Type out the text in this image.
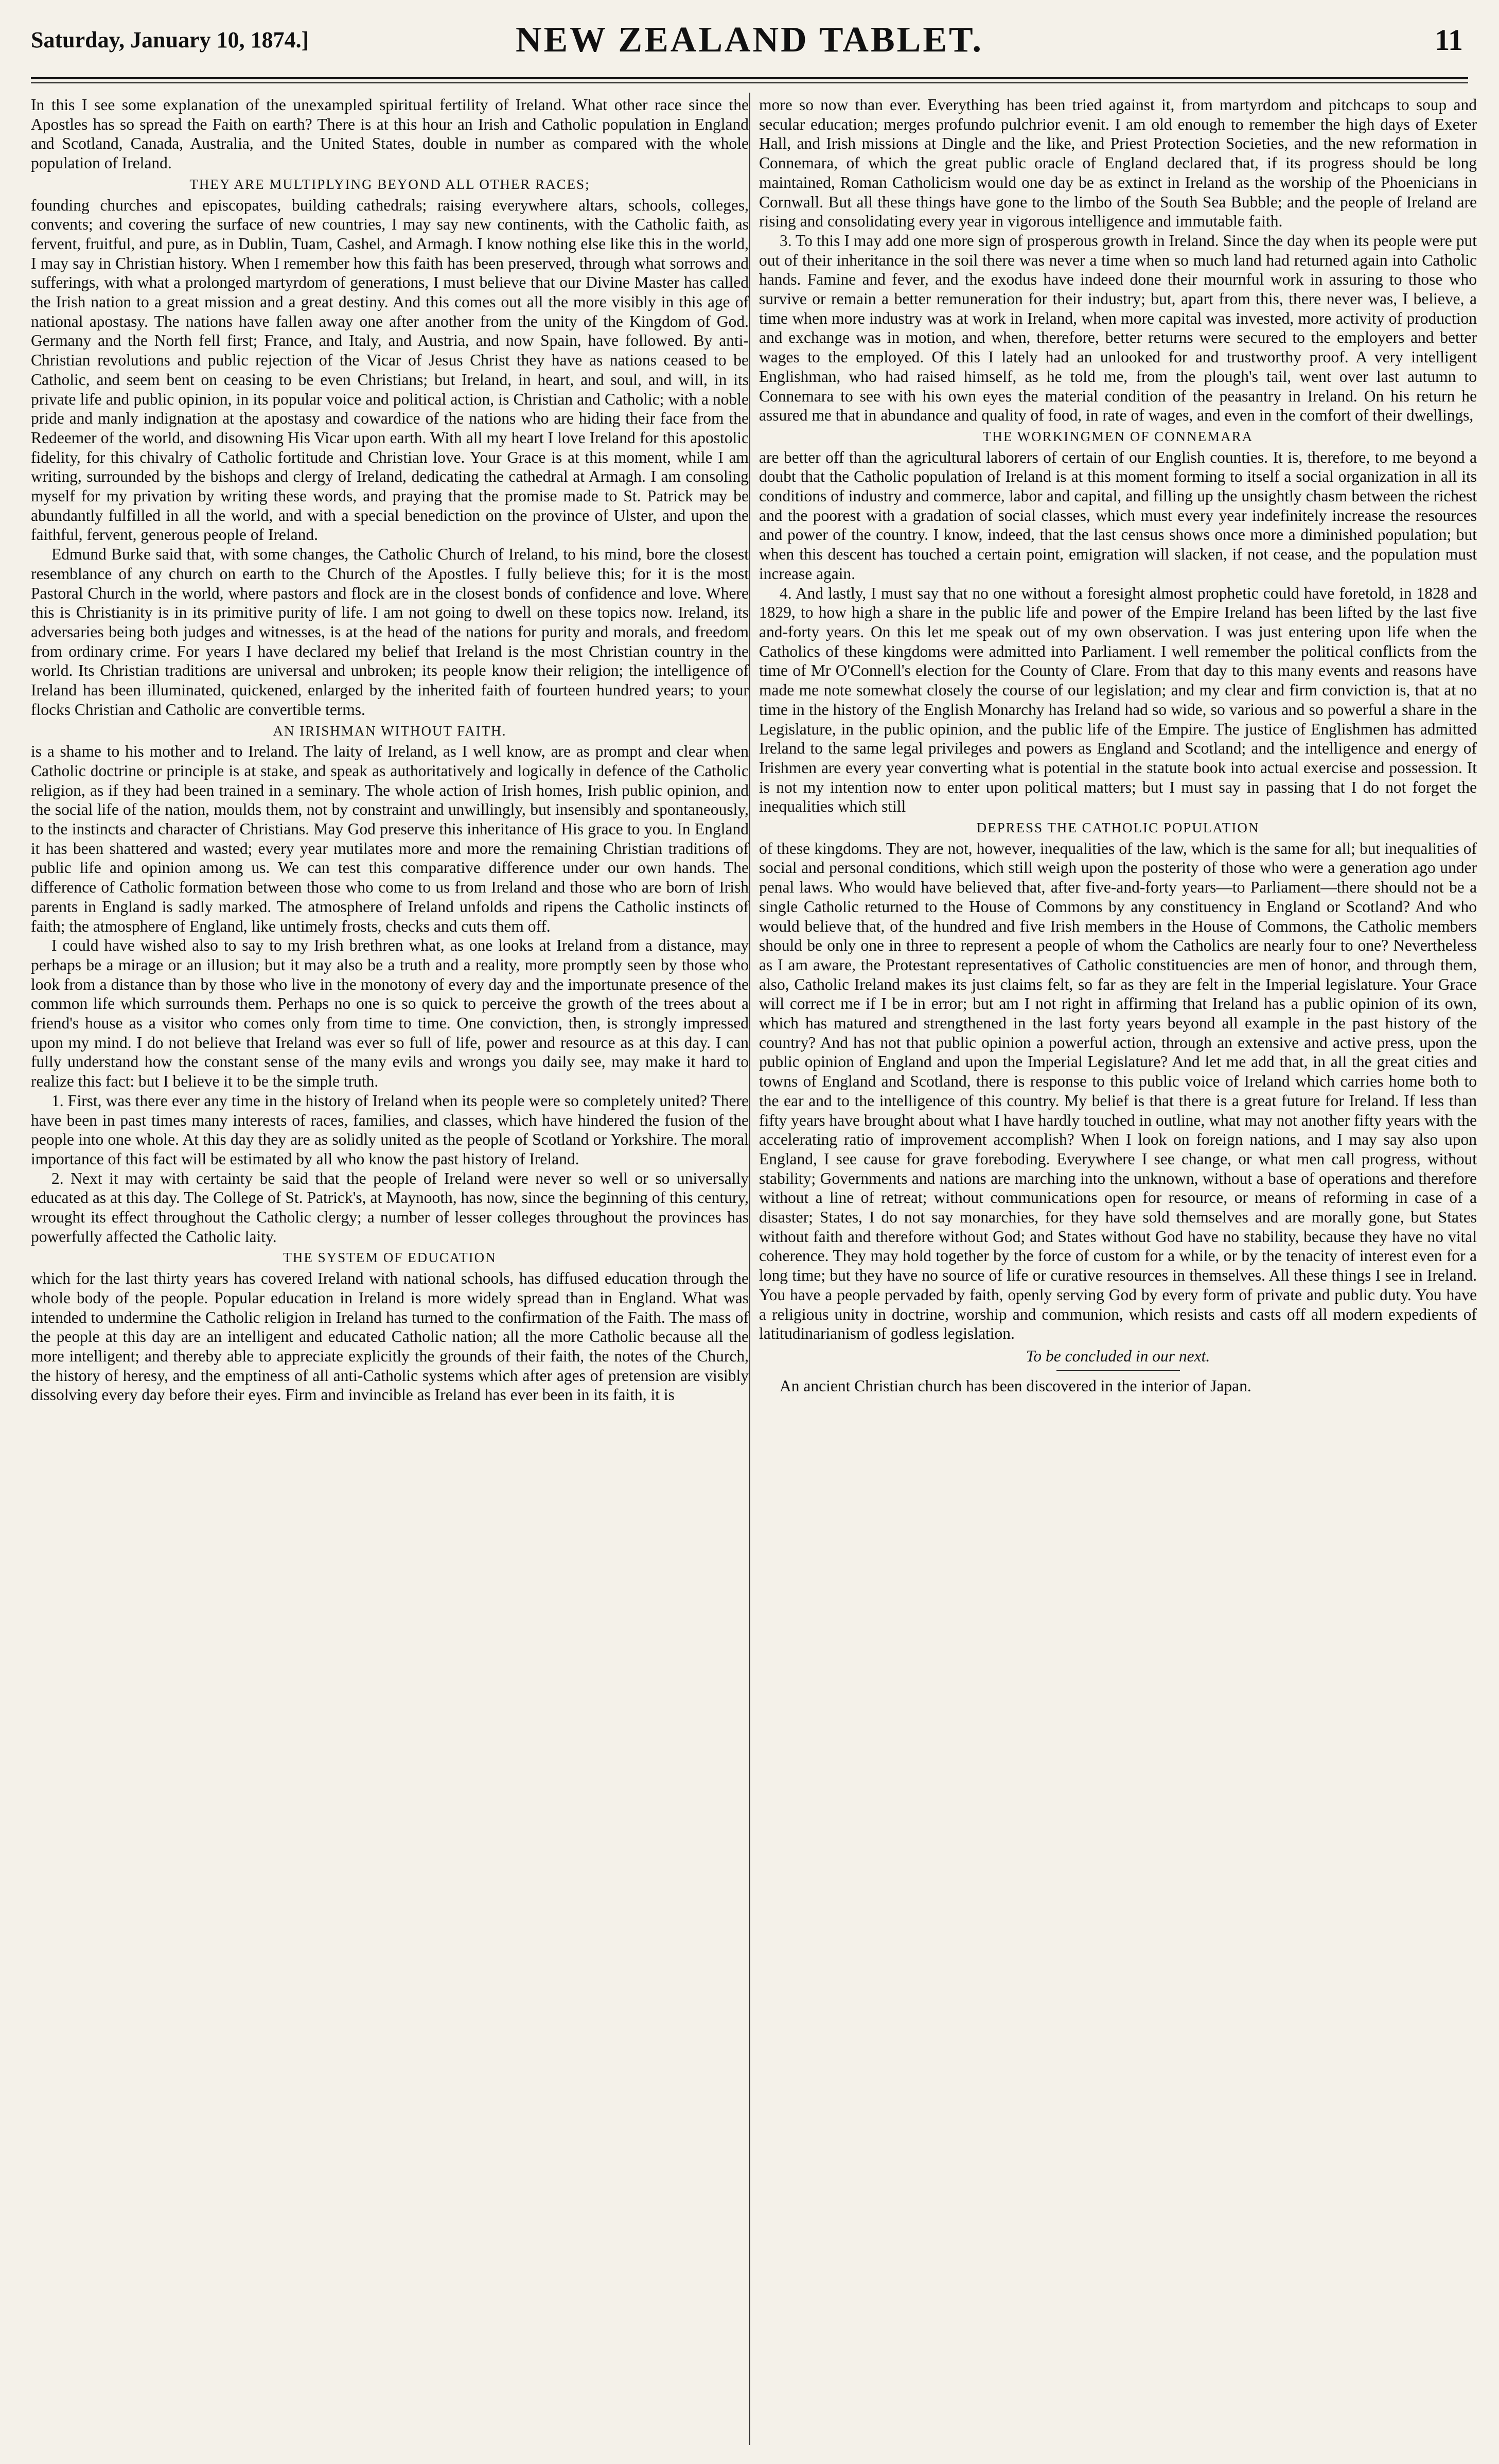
Saturday, January 10, 1874.]	NEW ZEALAND TABLET.	11

In this I see some explanation of the unexampled spiritual fertility of Ireland. What other race since the Apostles has so spread the Faith on earth? There is at this hour an Irish and Catholic population in England and Scotland, Canada, Australia, and the United States, double in number as compared with the whole population of Ireland.

THEY ARE MULTIPLYING BEYOND ALL OTHER RACES;

founding churches and episcopates, building cathedrals; raising everywhere altars, schools, colleges, convents; and covering the surface of new countries, I may say new continents, with the Catholic faith, as fervent, fruitful, and pure, as in Dublin, Tuam, Cashel, and Armagh. I know nothing else like this in the world, I may say in Christian history. When I remember how this faith has been preserved, through what sorrows and sufferings, with what a prolonged martyrdom of generations, I must believe that our Divine Master has called the Irish nation to a great mission and a great destiny. And this comes out all the more visibly in this age of national apostasy. The nations have fallen away one after another from the unity of the Kingdom of God. Germany and the North fell first; France, and Italy, and Austria, and now Spain, have followed. By anti-Christian revolutions and public rejection of the Vicar of Jesus Christ they have as nations ceased to be Catholic, and seem bent on ceasing to be even Christians; but Ireland, in heart, and soul, and will, in its private life and public opinion, in its popular voice and political action, is Christian and Catholic; with a noble pride and manly indignation at the apostasy and cowardice of the nations who are hiding their face from the Redeemer of the world, and disowning His Vicar upon earth. With all my heart I love Ireland for this apostolic fidelity, for this chivalry of Catholic fortitude and Christian love. Your Grace is at this moment, while I am writing, surrounded by the bishops and clergy of Ireland, dedicating the cathedral at Armagh. I am consoling myself for my privation by writing these words, and praying that the promise made to St. Patrick may be abundantly fulfilled in all the world, and with a special benediction on the province of Ulster, and upon the faithful, fervent, generous people of Ireland.

Edmund Burke said that, with some changes, the Catholic Church of Ireland, to his mind, bore the closest resemblance of any church on earth to the Church of the Apostles. I fully believe this; for it is the most Pastoral Church in the world, where pastors and flock are in the closest bonds of confidence and love. Where this is Christianity is in its primitive purity of life. I am not going to dwell on these topics now. Ireland, its adversaries being both judges and witnesses, is at the head of the nations for purity and morals, and freedom from ordinary crime. For years I have declared my belief that Ireland is the most Christian country in the world. Its Christian traditions are universal and unbroken; its people know their religion; the intelligence of Ireland has been illuminated, quickened, enlarged by the inherited faith of fourteen hundred years; to your flocks Christian and Catholic are convertible terms.

AN IRISHMAN WITHOUT FAITH.

is a shame to his mother and to Ireland. The laity of Ireland, as I well know, are as prompt and clear when Catholic doctrine or principle is at stake, and speak as authoritatively and logically in defence of the Catholic religion, as if they had been trained in a seminary. The whole action of Irish homes, Irish public opinion, and the social life of the nation, moulds them, not by constraint and unwillingly, but insensibly and spontaneously, to the instincts and character of Christians. May God preserve this inheritance of His grace to you. In England it has been shattered and wasted; every year mutilates more and more the remaining Christian traditions of public life and opinion among us. We can test this comparative difference under our own hands. The difference of Catholic formation between those who come to us from Ireland and those who are born of Irish parents in England is sadly marked. The atmosphere of Ireland unfolds and ripens the Catholic instincts of faith; the atmosphere of England, like untimely frosts, checks and cuts them off.

I could have wished also to say to my Irish brethren what, as one looks at Ireland from a distance, may perhaps be a mirage or an illusion; but it may also be a truth and a reality, more promptly seen by those who look from a distance than by those who live in the monotony of every day and the importunate presence of the common life which surrounds them. Perhaps no one is so quick to perceive the growth of the trees about a friend's house as a visitor who comes only from time to time. One conviction, then, is strongly impressed upon my mind. I do not believe that Ireland was ever so full of life, power and resource as at this day. I can fully understand how the constant sense of the many evils and wrongs you daily see, may make it hard to realize this fact: but I believe it to be the simple truth.

1. First, was there ever any time in the history of Ireland when its people were so completely united? There have been in past times many interests of races, families, and classes, which have hindered the fusion of the people into one whole. At this day they are as solidly united as the people of Scotland or Yorkshire. The moral importance of this fact will be estimated by all who know the past history of Ireland.

2. Next it may with certainty be said that the people of Ireland were never so well or so universally educated as at this day. The College of St. Patrick's, at Maynooth, has now, since the beginning of this century, wrought its effect throughout the Catholic clergy; a number of lesser colleges throughout the provinces has powerfully affected the Catholic laity.

THE SYSTEM OF EDUCATION

which for the last thirty years has covered Ireland with national schools, has diffused education through the whole body of the people. Popular education in Ireland is more widely spread than in England. What was intended to undermine the Catholic religion in Ireland has turned to the confirmation of the Faith. The mass of the people at this day are an intelligent and educated Catholic nation; all the more Catholic because all the more intelligent; and thereby able to appreciate explicitly the grounds of their faith, the notes of the Church, the history of heresy, and the emptiness of all anti-Catholic systems which after ages of pretension are visibly dissolving every day before their eyes. Firm and invincible as Ireland has ever been in its faith, it is

more so now than ever. Everything has been tried against it, from martyrdom and pitchcaps to soup and secular education; merges profundo pulchrior evenit. I am old enough to remember the high days of Exeter Hall, and Irish missions at Dingle and the like, and Priest Protection Societies, and the new reformation in Connemara, of which the great public oracle of England declared that, if its progress should be long maintained, Roman Catholicism would one day be as extinct in Ireland as the worship of the Phoenicians in Cornwall. But all these things have gone to the limbo of the South Sea Bubble; and the people of Ireland are rising and consolidating every year in vigorous intelligence and immutable faith.

3. To this I may add one more sign of prosperous growth in Ireland. Since the day when its people were put out of their inheritance in the soil there was never a time when so much land had returned again into Catholic hands. Famine and fever, and the exodus have indeed done their mournful work in assuring to those who survive or remain a better remuneration for their industry; but, apart from this, there never was, I believe, a time when more industry was at work in Ireland, when more capital was invested, more activity of production and exchange was in motion, and when, therefore, better returns were secured to the employers and better wages to the employed. Of this I lately had an unlooked for and trustworthy proof. A very intelligent Englishman, who had raised himself, as he told me, from the plough's tail, went over last autumn to Connemara to see with his own eyes the material condition of the peasantry in Ireland. On his return he assured me that in abundance and quality of food, in rate of wages, and even in the comfort of their dwellings,

THE WORKINGMEN OF CONNEMARA

are better off than the agricultural laborers of certain of our English counties. It is, therefore, to me beyond a doubt that the Catholic population of Ireland is at this moment forming to itself a social organization in all its conditions of industry and commerce, labor and capital, and filling up the unsightly chasm between the richest and the poorest with a gradation of social classes, which must every year indefinitely increase the resources and power of the country. I know, indeed, that the last census shows once more a diminished population; but when this descent has touched a certain point, emigration will slacken, if not cease, and the population must increase again.

4. And lastly, I must say that no one without a foresight almost prophetic could have foretold, in 1828 and 1829, to how high a share in the public life and power of the Empire Ireland has been lifted by the last five and-forty years. On this let me speak out of my own observation. I was just entering upon life when the Catholics of these kingdoms were admitted into Parliament. I well remember the political conflicts from the time of Mr O'Connell's election for the County of Clare. From that day to this many events and reasons have made me note somewhat closely the course of our legislation; and my clear and firm conviction is, that at no time in the history of the English Monarchy has Ireland had so wide, so various and so powerful a share in the Legislature, in the public opinion, and the public life of the Empire. The justice of Englishmen has admitted Ireland to the same legal privileges and powers as England and Scotland; and the intelligence and energy of Irishmen are every year converting what is potential in the statute book into actual exercise and possession. It is not my intention now to enter upon political matters; but I must say in passing that I do not forget the inequalities which still

DEPRESS THE CATHOLIC POPULATION

of these kingdoms. They are not, however, inequalities of the law, which is the same for all; but inequalities of social and personal conditions, which still weigh upon the posterity of those who were a generation ago under penal laws. Who would have believed that, after five-and-forty years—to Parliament—there should not be a single Catholic returned to the House of Commons by any constituency in England or Scotland? And who would believe that, of the hundred and five Irish members in the House of Commons, the Catholic members should be only one in three to represent a people of whom the Catholics are nearly four to one? Nevertheless as I am aware, the Protestant representatives of Catholic constituencies are men of honor, and through them, also, Catholic Ireland makes its just claims felt, so far as they are felt in the Imperial legislature. Your Grace will correct me if I be in error; but am I not right in affirming that Ireland has a public opinion of its own, which has matured and strengthened in the last forty years beyond all example in the past history of the country? And has not that public opinion a powerful action, through an extensive and active press, upon the public opinion of England and upon the Imperial Legislature? And let me add that, in all the great cities and towns of England and Scotland, there is response to this public voice of Ireland which carries home both to the ear and to the intelligence of this country. My belief is that there is a great future for Ireland. If less than fifty years have brought about what I have hardly touched in outline, what may not another fifty years with the accelerating ratio of improvement accomplish? When I look on foreign nations, and I may say also upon England, I see cause for grave foreboding. Everywhere I see change, or what men call progress, without stability; Governments and nations are marching into the unknown, without a base of operations and therefore without a line of retreat; without communications open for resource, or means of reforming in case of a disaster; States, I do not say monarchies, for they have sold themselves and are morally gone, but States without faith and therefore without God; and States without God have no stability, because they have no vital coherence. They may hold together by the force of custom for a while, or by the tenacity of interest even for a long time; but they have no source of life or curative resources in themselves. All these things I see in Ireland. You have a people pervaded by faith, openly serving God by every form of private and public duty. You have a religious unity in doctrine, worship and communion, which resists and casts off all modern expedients of latitudinarianism of godless legislation.

To be concluded in our next.

An ancient Christian church has been discovered in the interior of Japan.
